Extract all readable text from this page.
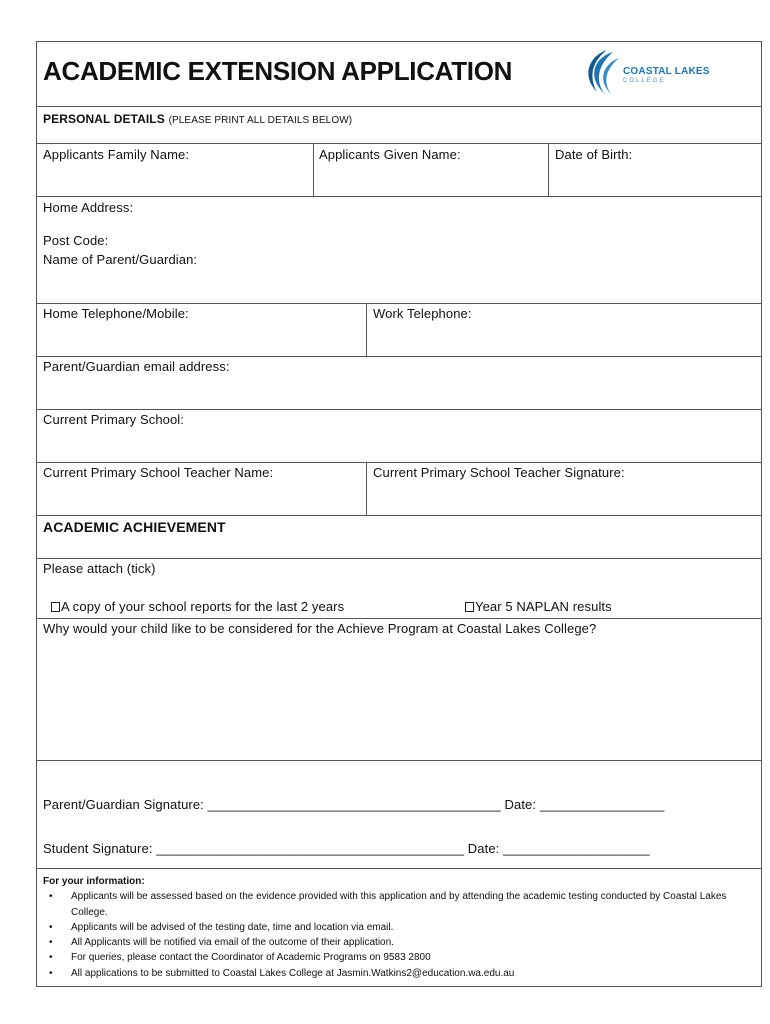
ACADEMIC EXTENSION APPLICATION	COASTAL LAKES
COLLEGE
PERSONAL DETAILS (PLEASE PRINT ALL DETAILS BELOW)
Applicants Family Name:	Applicants Given Name:	Date of Birth:
Home Address:
Post Code:
Name of Parent/Guardian:
Home Telephone/Mobile:	Work Telephone:
Parent/Guardian email address:
Current Primary School:
Current Primary School Teacher Name:	Current Primary School Teacher Signature:
ACADEMIC ACHIEVEMENT
Please attach (tick)
A copy of your school reports for the last 2 years	Year 5 NAPLAN results
Why would your child like to be considered for the Achieve Program at Coastal Lakes College?
Parent/Guardian Signature: ________________________________________ Date: _________________
Student Signature: __________________________________________ Date: ____________________
For your information:
• Applicants will be assessed based on the evidence provided with this application and by attending the academic testing conducted by Coastal Lakes College.
• Applicants will be advised of the testing date, time and location via email.
• All Applicants will be notified via email of the outcome of their application.
• For queries, please contact the Coordinator of Academic Programs on 9583 2800
• All applications to be submitted to Coastal Lakes College at Jasmin.Watkins2@education.wa.edu.au
